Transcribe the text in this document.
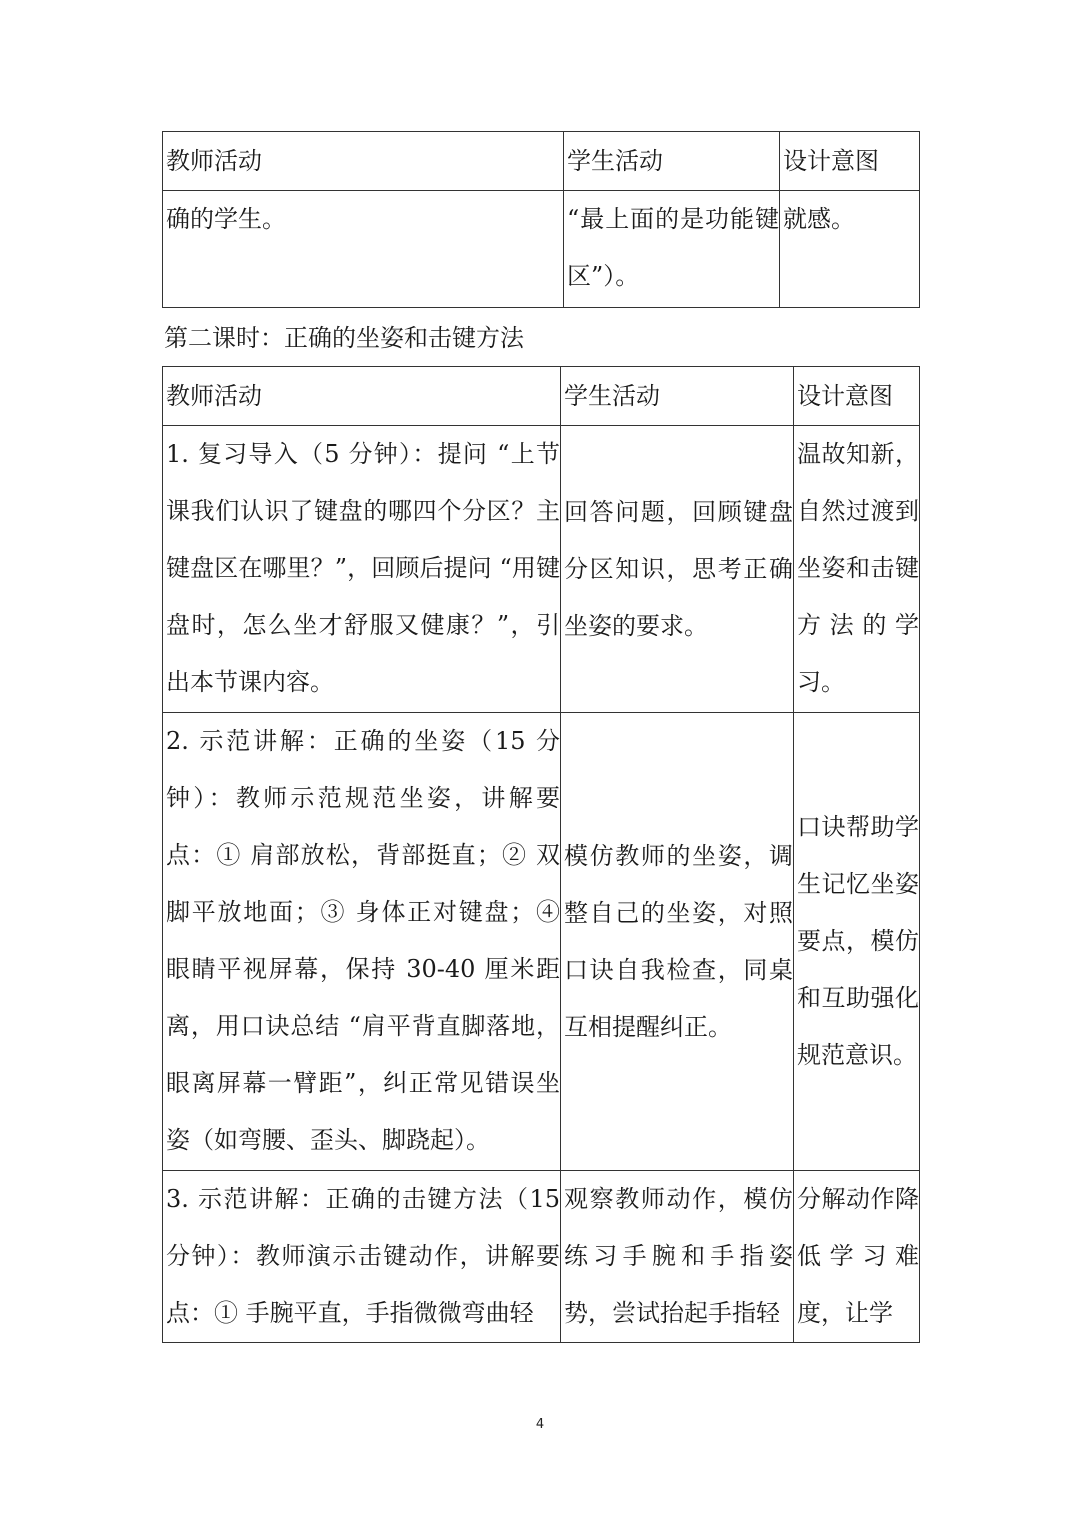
教师活动	学生活动	设计意图
确的学生。	“最上面的是功能键区”）。	就感。
第二课时：正确的坐姿和击键方法
教师活动	学生活动	设计意图
1. 复习导入（5 分钟）：提问 “上节课我们认识了键盘的哪四个分区？主键盘区在哪里？”，回顾后提问 “用键盘时，怎么坐才舒服又健康？”，引出本节课内容。	回答问题，回顾键盘分区知识，思考正确坐姿的要求。	温故知新，自然过渡到坐姿和击键方法的学习。
2. 示范讲解：正确的坐姿（15 分钟）：教师示范规范坐姿，讲解要点：① 肩部放松，背部挺直；② 双脚平放地面；③ 身体正对键盘；④ 眼睛平视屏幕，保持 30-40 厘米距离，用口诀总结 “肩平背直脚落地，眼离屏幕一臂距”，纠正常见错误坐姿（如弯腰、歪头、脚跷起）。	模仿教师的坐姿，调整自己的坐姿，对照口诀自我检查，同桌互相提醒纠正。	口诀帮助学生记忆坐姿要点，模仿和互助强化规范意识。
3. 示范讲解：正确的击键方法（15分钟）：教师演示击键动作，讲解要点：① 手腕平直，手指微微弯曲轻	观察教师动作，模仿练习手腕和手指姿势，尝试抬起手指轻	分解动作降低学习难度，让学
4
